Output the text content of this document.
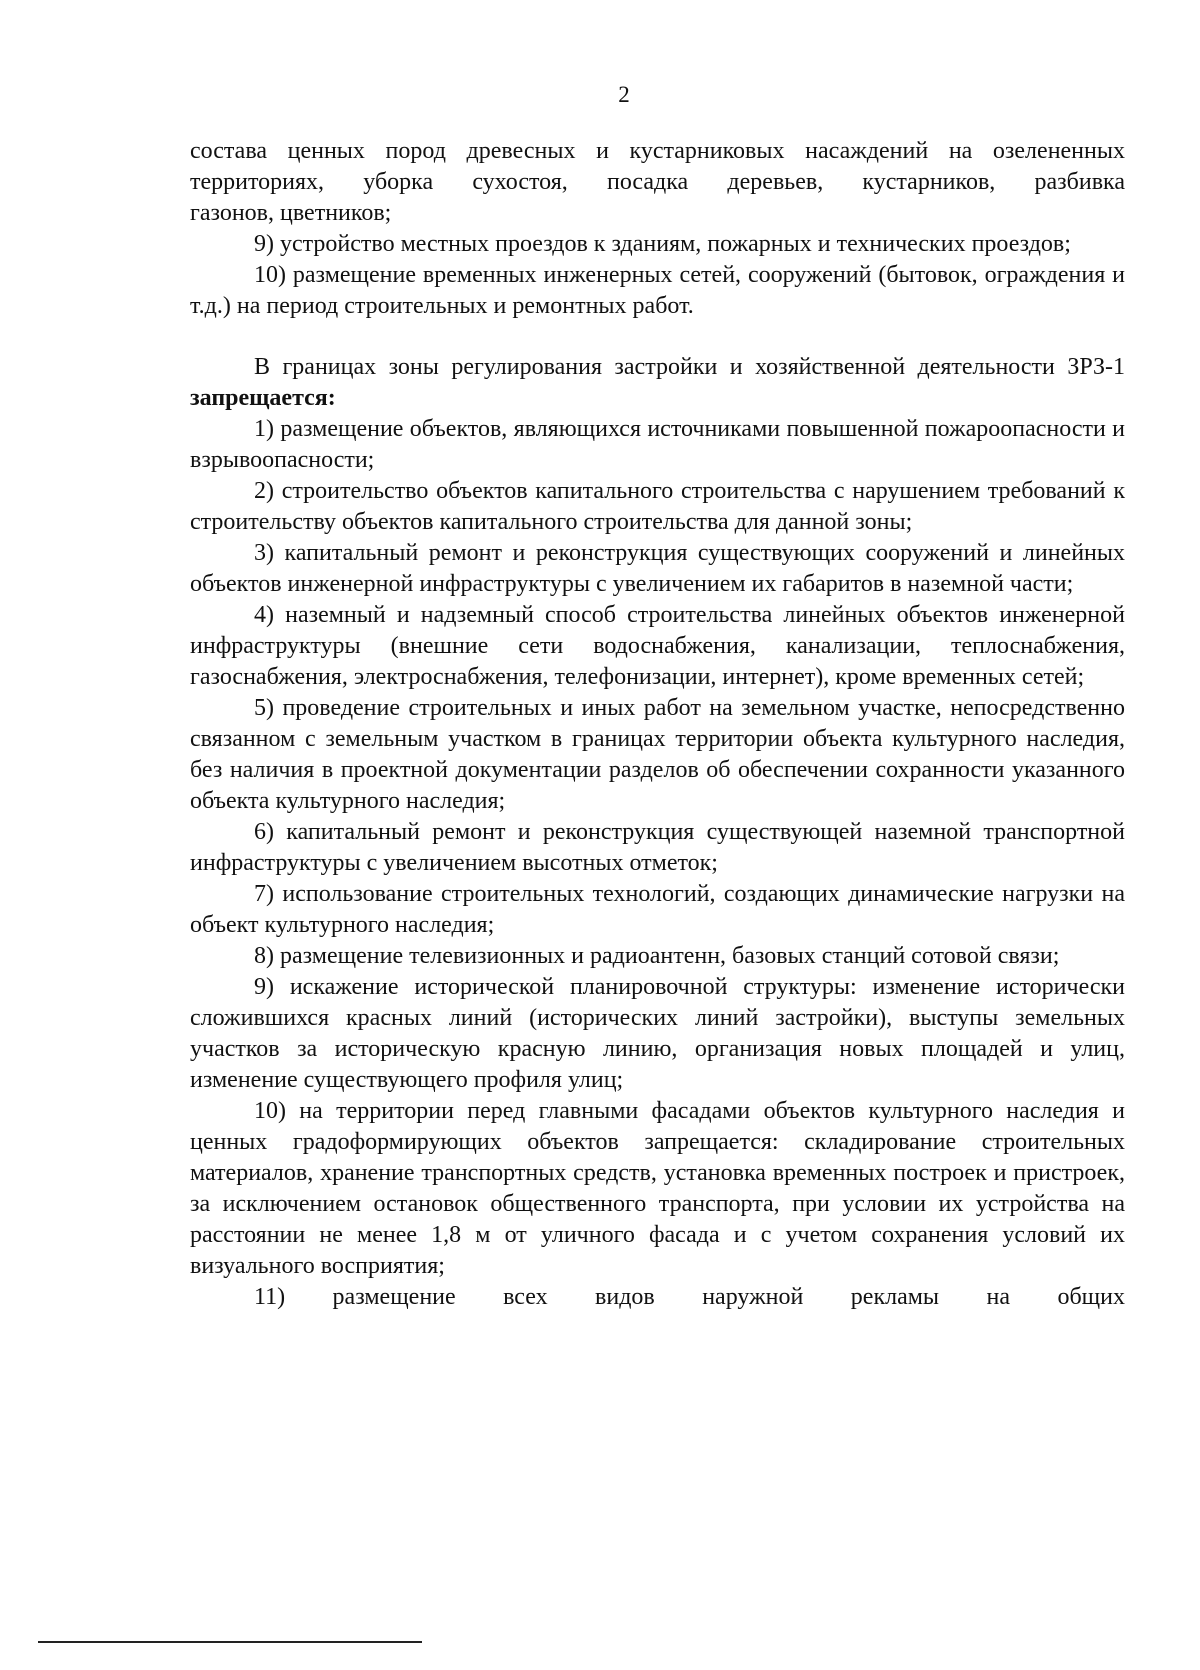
2

состава ценных пород древесных и кустарниковых насаждений на озелененных

территориях, уборка сухостоя, посадка деревьев, кустарников, разбивка

газонов, цветников;

9) устройство местных проездов к зданиям, пожарных и технических проездов;

10) размещение временных инженерных сетей, сооружений (бытовок, ограждения и т.д.) на период строительных и ремонтных работ.

В границах зоны регулирования застройки и хозяйственной деятельности ЗРЗ-1 запрещается:

1) размещение объектов, являющихся источниками повышенной пожароопасности и взрывоопасности;

2) строительство объектов капитального строительства с нарушением требований к строительству объектов капитального строительства для данной зоны;

3) капитальный ремонт и реконструкция существующих сооружений и линейных объектов инженерной инфраструктуры с увеличением их габаритов в наземной части;

4) наземный и надземный способ строительства линейных объектов инженерной инфраструктуры (внешние сети водоснабжения, канализации, теплоснабжения, газоснабжения, электроснабжения, телефонизации, интернет), кроме временных сетей;

5) проведение строительных и иных работ на земельном участке, непосредственно связанном с земельным участком в границах территории объекта культурного наследия, без наличия в проектной документации разделов об обеспечении сохранности указанного объекта культурного наследия;

6) капитальный ремонт и реконструкция существующей наземной транспортной инфраструктуры с увеличением высотных отметок;

7) использование строительных технологий, создающих динамические нагрузки на объект культурного наследия;

8) размещение телевизионных и радиоантенн, базовых станций сотовой связи;

9) искажение исторической планировочной структуры: изменение исторически сложившихся красных линий (исторических линий застройки), выступы земельных участков за историческую красную линию, организация новых площадей и улиц, изменение существующего профиля улиц;

10) на территории перед главными фасадами объектов культурного наследия и ценных градоформирующих объектов запрещается: складирование строительных материалов, хранение транспортных средств, установка временных построек и пристроек, за исключением остановок общественного транспорта, при условии их устройства на расстоянии не менее 1,8 м от уличного фасада и с учетом сохранения условий их визуального восприятия;

11) размещение всех видов наружной рекламы на общих
